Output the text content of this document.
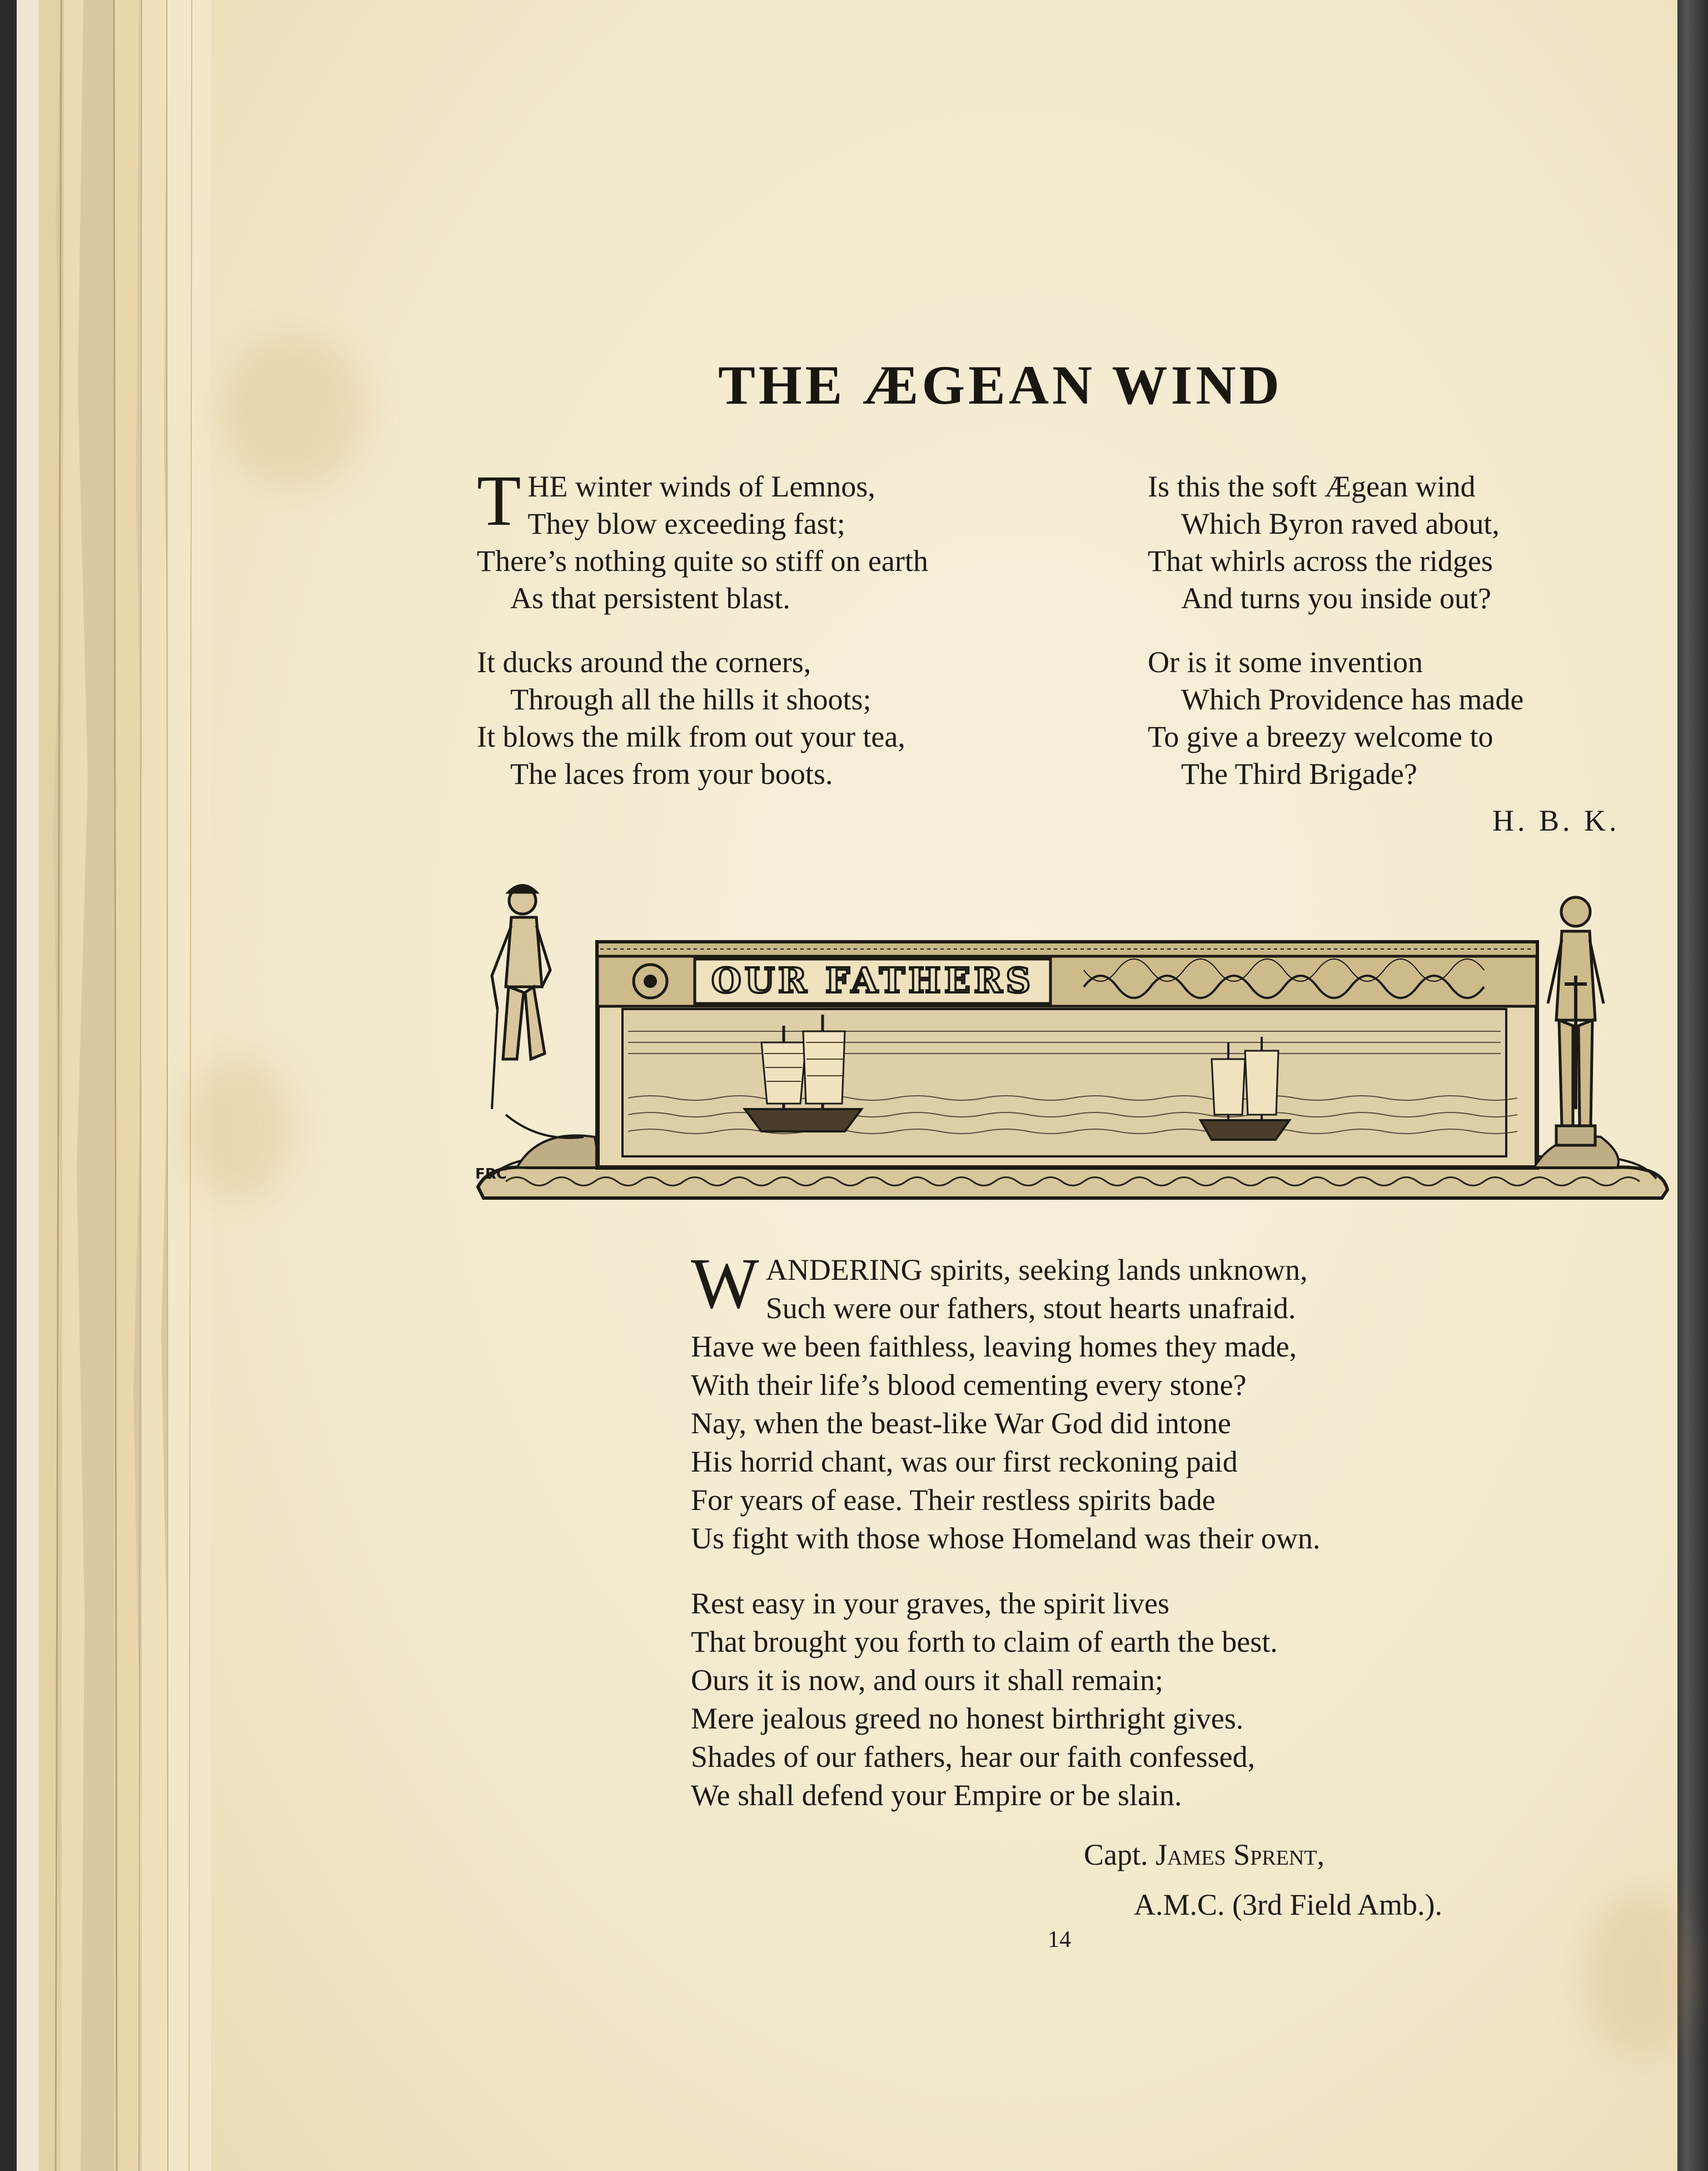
THE ÆGEAN WIND
T HE winter winds of Lemnos,
They blow exceeding fast;
There’s nothing quite so stiff on earth
As that persistent blast.
It ducks around the corners,
Through all the hills it shoots;
It blows the milk from out your tea,
The laces from your boots.
Is this the soft Ægean wind
Which Byron raved about,
That whirls across the ridges
And turns you inside out?
Or is it some invention
Which Providence has made
To give a breezy welcome to
The Third Brigade?
H. B. K.
OUR FATHERS
FRC
W ANDERING spirits, seeking lands unknown,
Such were our fathers, stout hearts unafraid.
Have we been faithless, leaving homes they made,
With their life’s blood cementing every stone?
Nay, when the beast-like War God did intone
His horrid chant, was our first reckoning paid
For years of ease. Their restless spirits bade
Us fight with those whose Homeland was their own.
Rest easy in your graves, the spirit lives
That brought you forth to claim of earth the best.
Ours it is now, and ours it shall remain;
Mere jealous greed no honest birthright gives.
Shades of our fathers, hear our faith confessed,
We shall defend your Empire or be slain.
Capt. James Sprent,
A.M.C. (3rd Field Amb.).
14
